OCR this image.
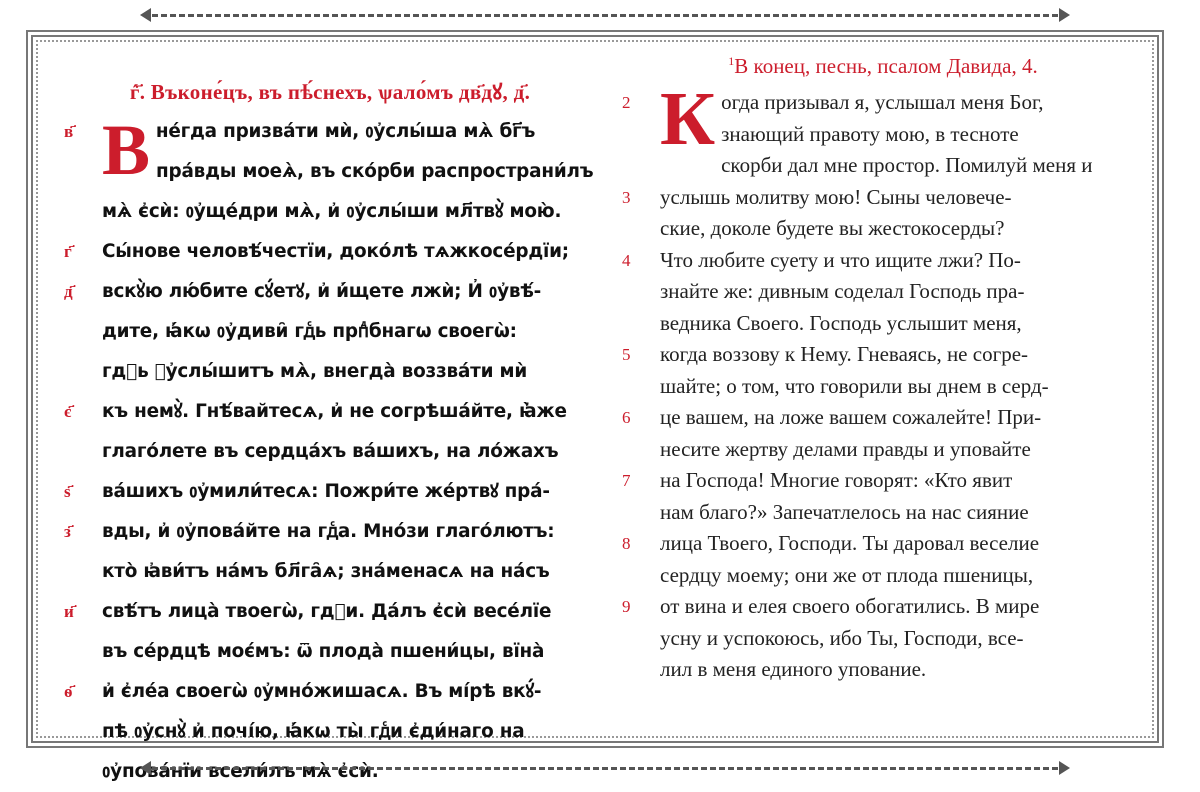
ѓ҃. Въконе́цъ, въ пѣ́снехъ, ѱало́мъ дв҃дꙋ, д҃.

в҃ В не́гда призва́ти мѝ, ᲂу҆слы́ша мѧ̀ бг҃ъ
пра́вды моеѧ̀, въ ско́рби распространи́лъ
мѧ̀ є҆сѝ: ᲂу҆ще́дри мѧ̀, и҆ ᲂу҆слы́ши мл҃твꙋ̀ мою̀.
г҃ Сы́нове человѣ́честїи, доко́лѣ тѧжкосе́рдїи;
д҃ вскꙋ̀ю лю́бите сꙋ́етꙋ, и҆ и҆́щете лжѝ; И҆ ᲂу҆вѣ́-
дите, ꙗ҆́кѡ ᲂу҆диви̑ гдⷭь прпⷣбнагѡ своегѡ̀:
гдⷭь ᲂу҆слы́шитъ мѧ̀, внегда̀ воззва́ти мѝ
є҃ къ немꙋ̀. Гнѣ́вайтесѧ, и҆ не согрѣша́йте, ꙗ҆̀же
глаго́лете въ сердца́хъ ва́шихъ, на ло́жахъ
ѕ҃ ва́шихъ ᲂу҆мили́тесѧ: Пожри́те же́ртвꙋ пра́-
з҃ вды, и҆ ᲂу҆пова́йте на гдⷭа. Мно́зи глаго́лютъ:
кто̀ ꙗ҆ви́тъ на́мъ бл҃га̑ѧ; зна́менасѧ на на́съ
и҃ свѣ́тъ лица̀ твоегѡ̀, гдⷭи. Да́лъ є҆сѝ весе́лїе
въ се́рдцѣ моє́мъ: ѿ плода̀ пшени́цы, вїна̀
ѳ҃ и҆ є҆ле́а своегѡ̀ ᲂу҆мно́жишасѧ. Въ мі́рѣ вкꙋ́-
пѣ ᲂу҆снꙋ̀ и҆ почі́ю, ꙗ҆́кѡ ты̀ гдⷭи є҆ди́наго на
ᲂу҆пова́нїи всели́лъ мѧ̀ є҆сѝ.

$^1$В конец, песнь, псалом Давида, 4.

2 К огда призывал я, услышал меня Бог,
знающий правоту мою, в тесноте
скорби дал мне простор. Помилуй меня и
3 услышь молитву мою! Сыны человече-
ские, доколе будете вы жестокосерды?
4 Что любите суету и что ищите лжи? По-
знайте же: дивным соделал Господь пра-
ведника Своего. Господь услышит меня,
5 когда воззову к Нему. Гневаясь, не согре-
шайте; о том, что говорили вы днем в серд-
6 це вашем, на ложе вашем сожалейте! При-
несите жертву делами правды и уповайте
7 на Господа! Многие говорят: «Кто явит
нам благо?» Запечатлелось на нас сияние
8 лица Твоего, Господи. Ты даровал веселие
сердцу моему; они же от плода пшеницы,
9 от вина и елея своего обогатились. В мире
усну и успокоюсь, ибо Ты, Господи, все-
лил в меня единого упование.
